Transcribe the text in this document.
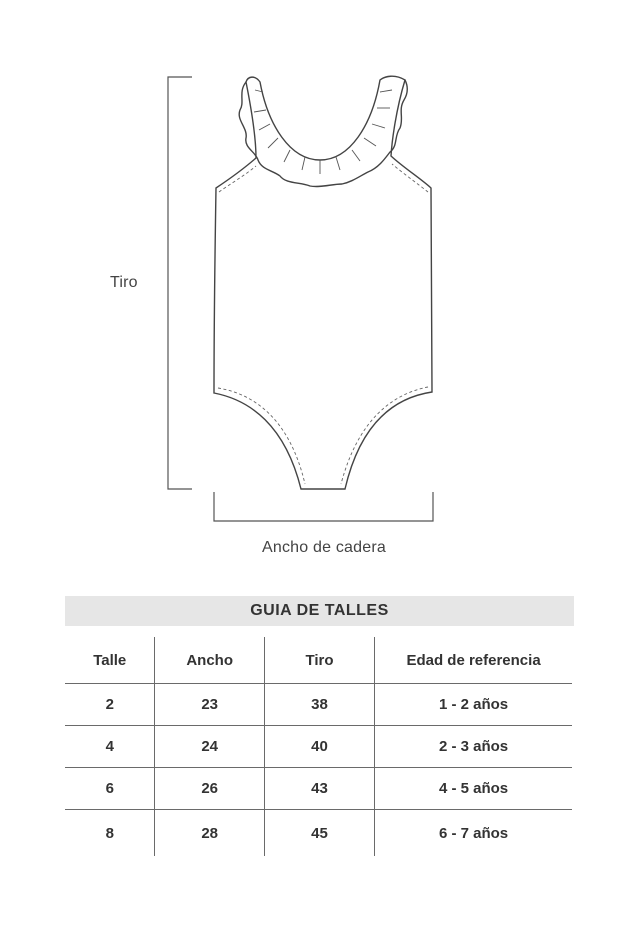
Tiro
Ancho de cadera
GUIA DE TALLES
Talle	Ancho	Tiro	Edad de referencia
2	23	38	1 - 2 años
4	24	40	2 - 3 años
6	26	43	4 - 5 años
8	28	45	6 - 7 años
